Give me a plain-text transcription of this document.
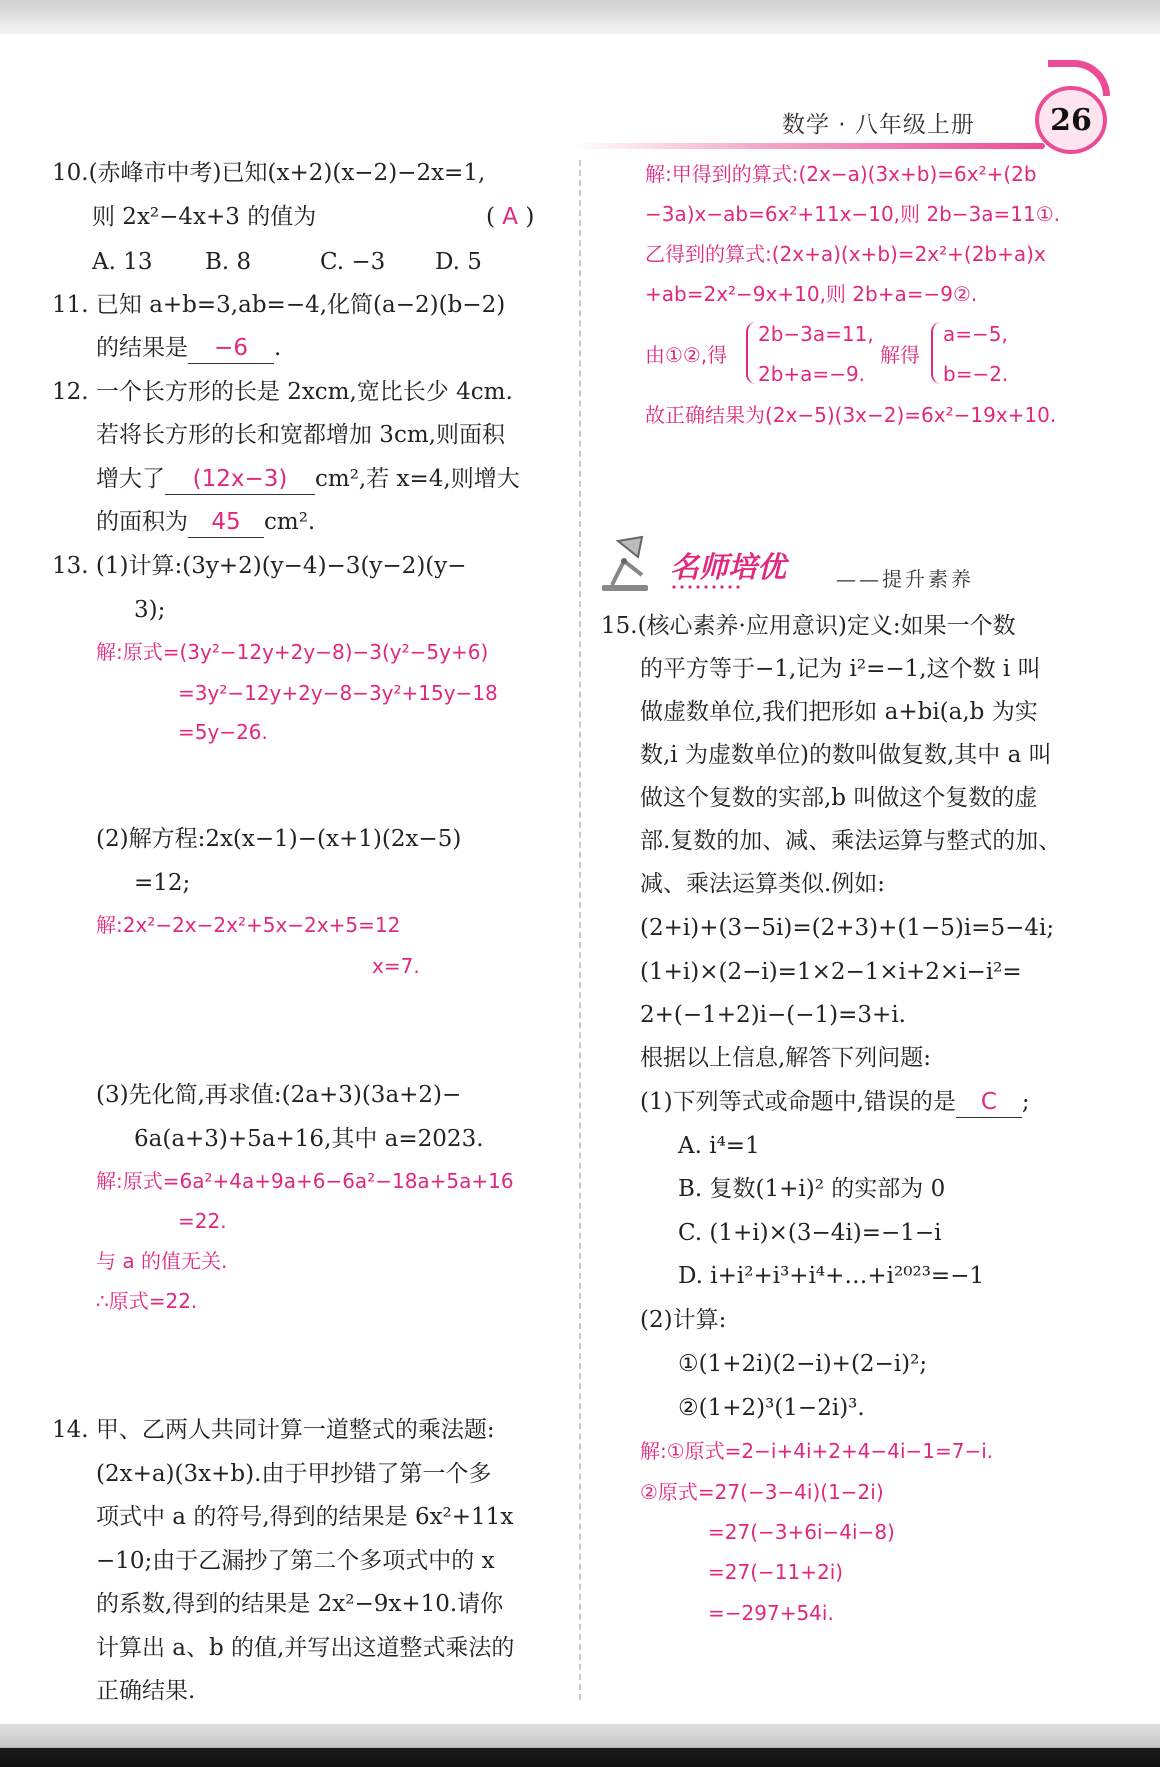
数学 · 八年级上册	26
10.(赤峰市中考)已知(x+2)(x−2)−2x=1,
则 2x²−4x+3 的值为	( A )
A. 13 B. 8	C. −3 D. 5
11. 已知 a+b=3,ab=−4,化简(a−2)(b−2)
的结果是 −6 .
12. 一个长方形的长是 2xcm,宽比长少 4cm.
若将长方形的长和宽都增加 3cm,则面积
增大了 (12x−3) cm²,若 x=4,则增大
的面积为 45 cm².
13. (1)计算:(3y+2)(y−4)−3(y−2)(y−
3);
解:原式=(3y²−12y+2y−8)−3(y²−5y+6)
=3y²−12y+2y−8−3y²+15y−18
=5y−26.
(2)解方程:2x(x−1)−(x+1)(2x−5)
=12;
解:2x²−2x−2x²+5x−2x+5=12
x=7.
(3)先化简,再求值:(2a+3)(3a+2)−
6a(a+3)+5a+16,其中 a=2023.
解:原式=6a²+4a+9a+6−6a²−18a+5a+16
=22.
与 a 的值无关.
∴原式=22.
14. 甲、乙两人共同计算一道整式的乘法题:
(2x+a)(3x+b).由于甲抄错了第一个多
项式中 a 的符号,得到的结果是 6x²+11x
−10;由于乙漏抄了第二个多项式中的 x
的系数,得到的结果是 2x²−9x+10.请你
计算出 a、b 的值,并写出这道整式乘法的
正确结果.
解:甲得到的算式:(2x−a)(3x+b)=6x²+(2b
−3a)x−ab=6x²+11x−10,则 2b−3a=11①.
乙得到的算式:(2x+a)(x+b)=2x²+(2b+a)x
+ab=2x²−9x+10,则 2b+a=−9②.
由①②,得
2b−3a=11,
2b+a=−9.
解得
a=−5,
b=−2.
故正确结果为(2x−5)(3x−2)=6x²−19x+10.
名师培优 ——提升素养
15.(核心素养·应用意识)定义:如果一个数
的平方等于−1,记为 i²=−1,这个数 i 叫
做虚数单位,我们把形如 a+bi(a,b 为实
数,i 为虚数单位)的数叫做复数,其中 a 叫
做这个复数的实部,b 叫做这个复数的虚
部.复数的加、减、乘法运算与整式的加、
减、乘法运算类似.例如:
(2+i)+(3−5i)=(2+3)+(1−5)i=5−4i;
(1+i)×(2−i)=1×2−1×i+2×i−i²=
2+(−1+2)i−(−1)=3+i.
根据以上信息,解答下列问题:
(1)下列等式或命题中,错误的是 C ;
A. i⁴=1
B. 复数(1+i)² 的实部为 0
C. (1+i)×(3−4i)=−1−i
D. i+i²+i³+i⁴+…+i²⁰²³=−1
(2)计算:
①(1+2i)(2−i)+(2−i)²;
②(1+2)³(1−2i)³.
解:①原式=2−i+4i+2+4−4i−1=7−i.
②原式=27(−3−4i)(1−2i)
=27(−3+6i−4i−8)
=27(−11+2i)
=−297+54i.
